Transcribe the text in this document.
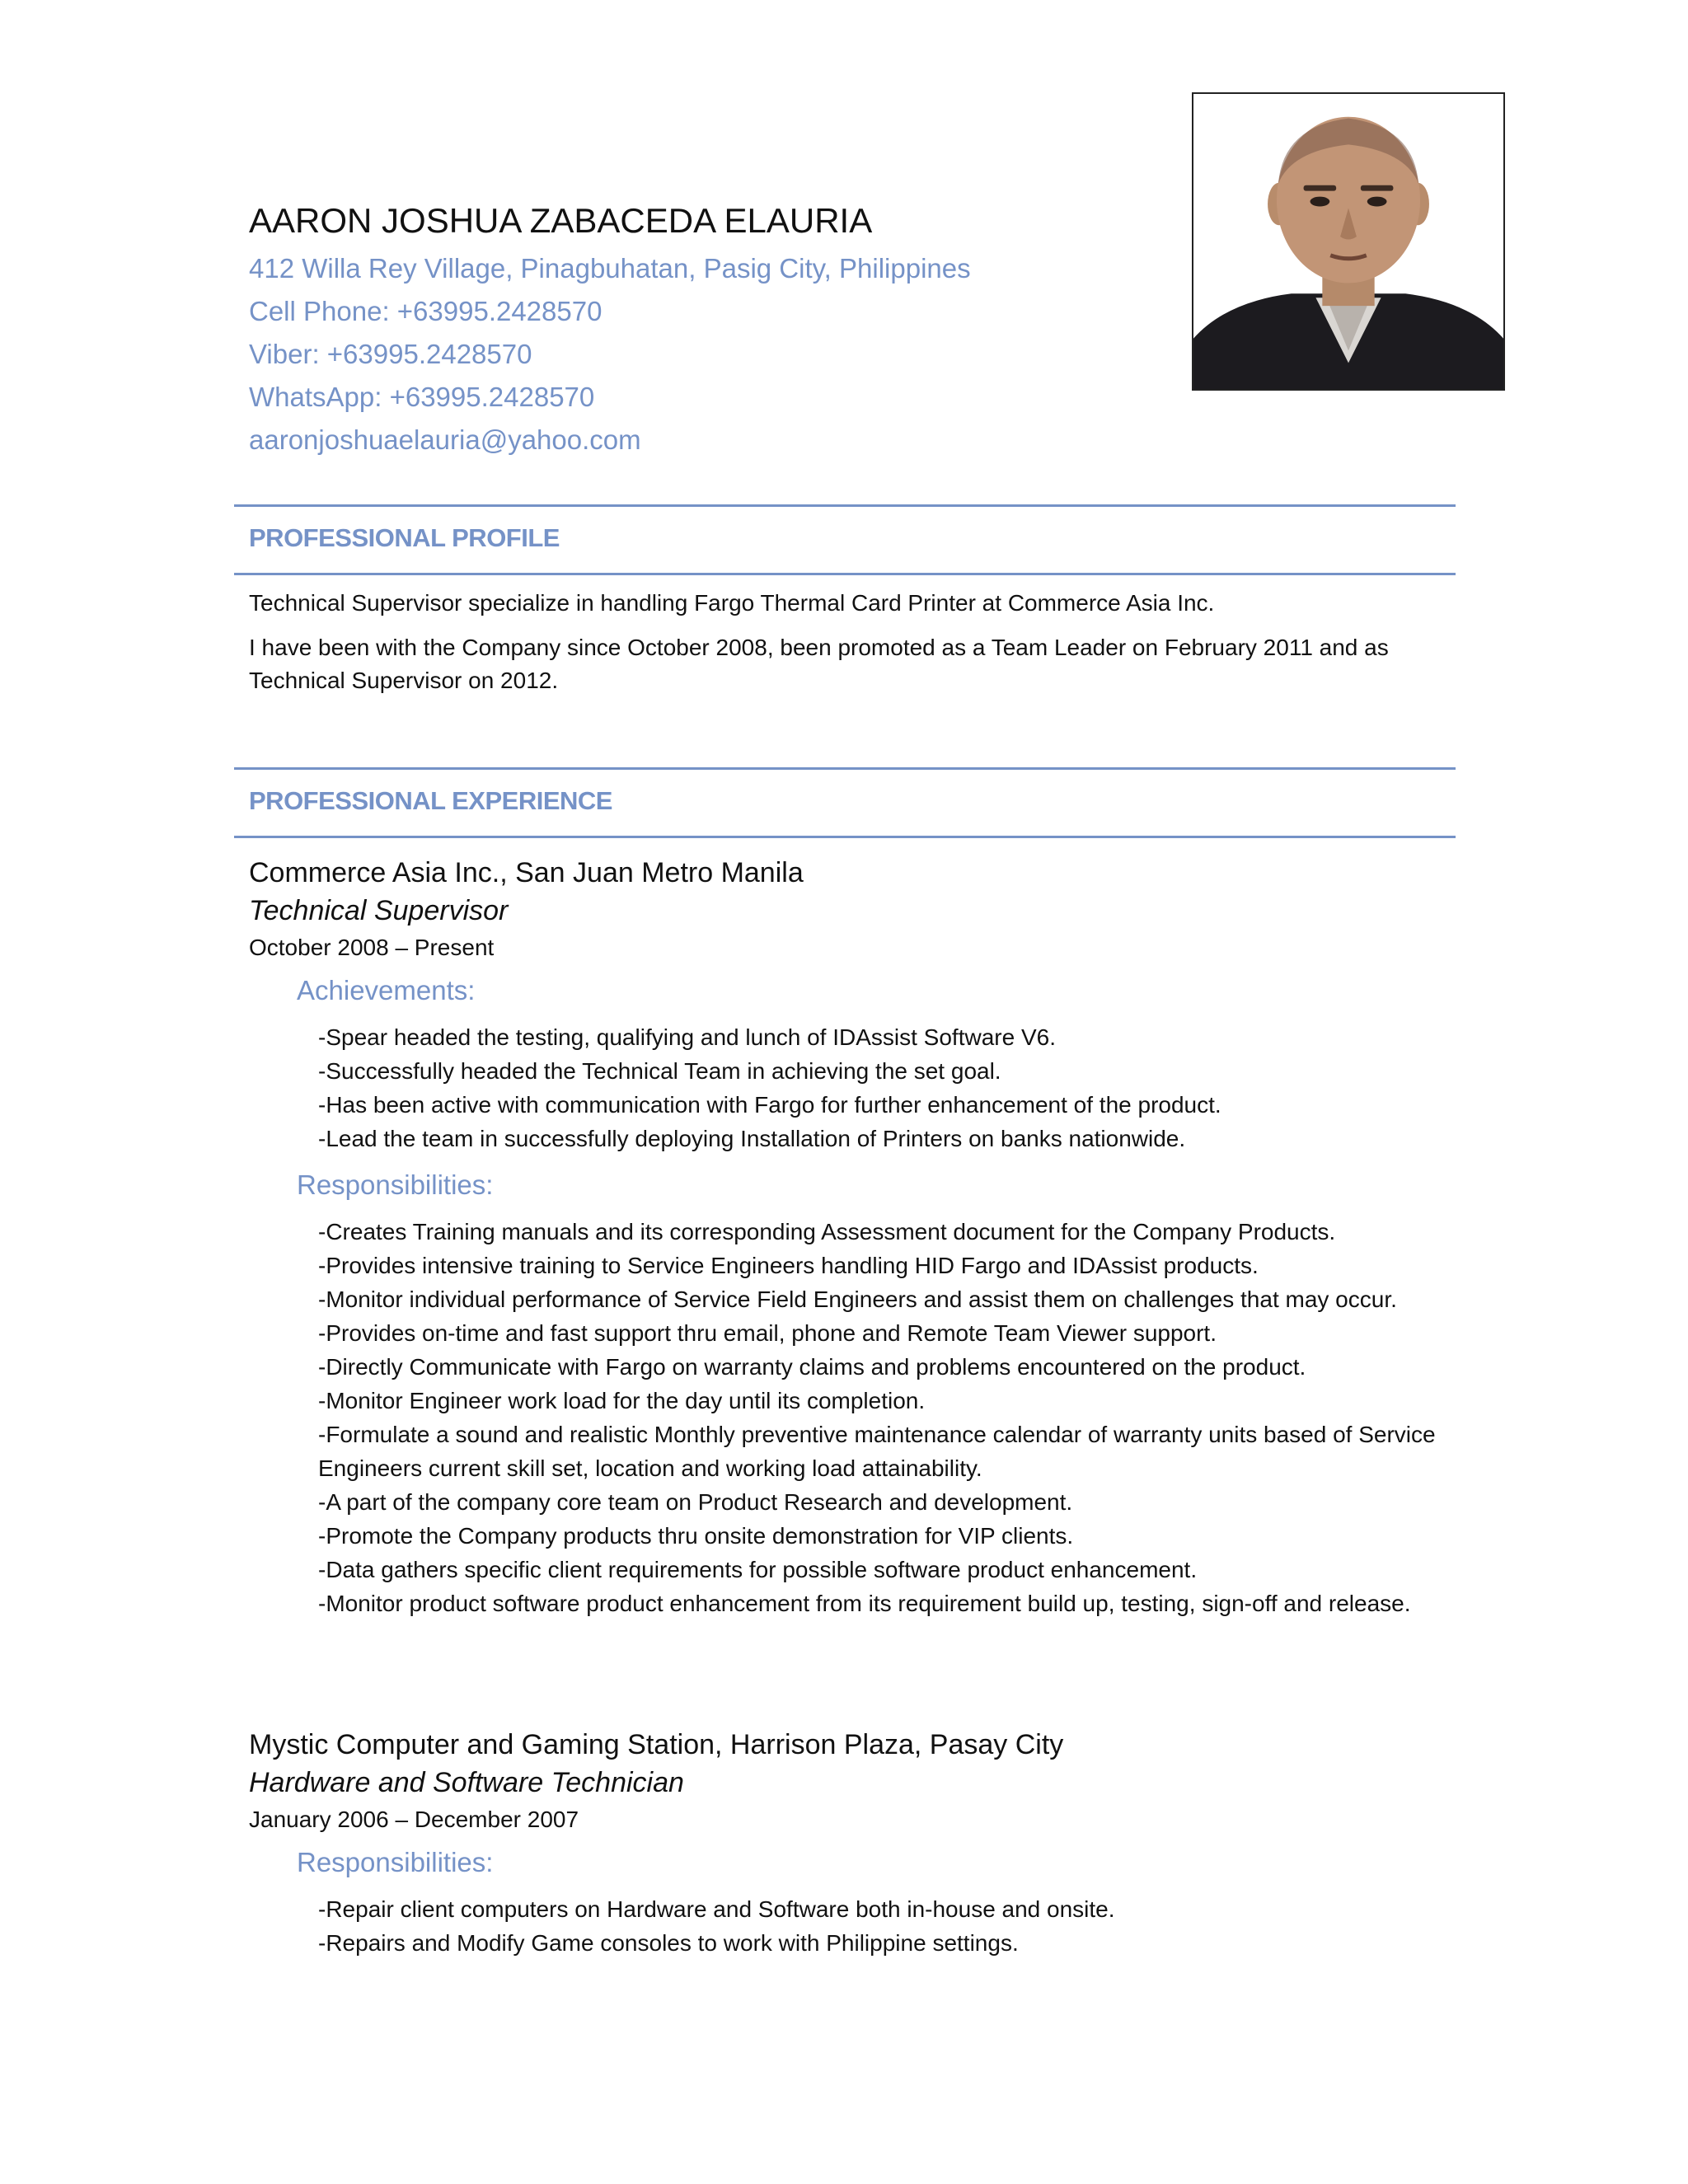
AARON JOSHUA ZABACEDA ELAURIA
412 Willa Rey Village, Pinagbuhatan, Pasig City, Philippines
Cell Phone: +63995.2428570
Viber: +63995.2428570
WhatsApp: +63995.2428570
aaronjoshuaelauria@yahoo.com
PROFESSIONAL PROFILE

Technical Supervisor specialize in handling Fargo Thermal Card Printer at Commerce Asia Inc.

I have been with the Company since October 2008, been promoted as a Team Leader on February 2011 and as Technical Supervisor on 2012.

PROFESSIONAL EXPERIENCE
Commerce Asia Inc., San Juan Metro Manila
Technical Supervisor
October 2008 – Present
Achievements:
-Spear headed the testing, qualifying and lunch of IDAssist Software V6.
-Successfully headed the Technical Team in achieving the set goal.
-Has been active with communication with Fargo for further enhancement of the product.
-Lead the team in successfully deploying Installation of Printers on banks nationwide.
Responsibilities:
-Creates Training manuals and its corresponding Assessment document for the Company Products.
-Provides intensive training to Service Engineers handling HID Fargo and IDAssist products.
-Monitor individual performance of Service Field Engineers and assist them on challenges that may occur.
-Provides on-time and fast support thru email, phone and Remote Team Viewer support.
-Directly Communicate with Fargo on warranty claims and problems encountered on the product.
-Monitor Engineer work load for the day until its completion.
-Formulate a sound and realistic Monthly preventive maintenance calendar of warranty units based of Service Engineers current skill set, location and working load attainability.
-A part of the company core team on Product Research and development.
-Promote the Company products thru onsite demonstration for VIP clients.
-Data gathers specific client requirements for possible software product enhancement.
-Monitor product software product enhancement from its requirement build up, testing, sign-off and release.
Mystic Computer and Gaming Station, Harrison Plaza, Pasay City
Hardware and Software Technician
January 2006 – December 2007
Responsibilities:
-Repair client computers on Hardware and Software both in-house and onsite.
-Repairs and Modify Game consoles to work with Philippine settings.
